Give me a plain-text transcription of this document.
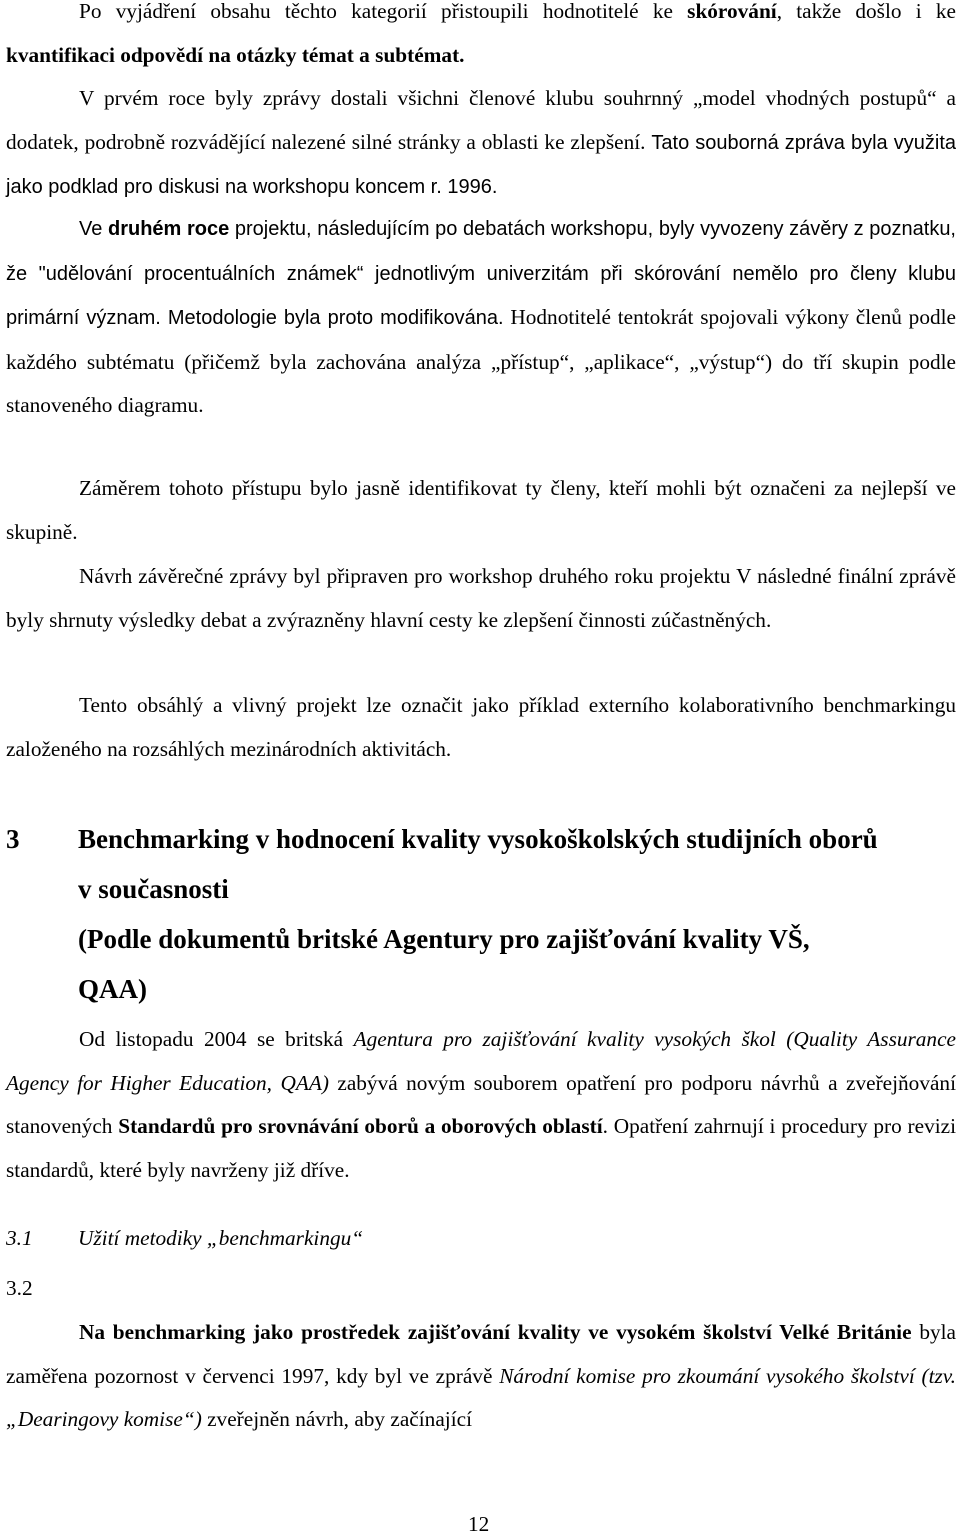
Po vyjádření obsahu těchto kategorií přistoupili hodnotitelé ke skórování, takže došlo i ke kvantifikaci odpovědí na otázky témat a subtémat.

V prvém roce byly zprávy dostali všichni členové klubu souhrnný „model vhodných postupů“ a dodatek, podrobně rozvádějící nalezené silné stránky a oblasti ke zlepšení. Tato souborná zpráva byla využita jako podklad pro diskusi na workshopu koncem r. 1996.

Ve druhém roce projektu, následujícím po debatách workshopu, byly vyvozeny závěry z poznatku, že "udělování procentuálních známek“ jednotlivým univerzitám při skórování nemělo pro členy klubu primární význam. Metodologie byla proto modifikována. Hodnotitelé tentokrát spojovali výkony členů podle každého subtématu (přičemž byla zachována analýza „přístup“, „aplikace“, „výstup“) do tří skupin podle stanoveného diagramu.

Záměrem tohoto přístupu bylo jasně identifikovat ty členy, kteří mohli být označeni za nejlepší ve skupině.

Návrh závěrečné zprávy byl připraven pro workshop druhého roku projektu V následné finální zprávě byly shrnuty výsledky debat a zvýrazněny hlavní cesty ke zlepšení činnosti zúčastněných.

Tento obsáhlý a vlivný projekt lze označit jako příklad externího kolaborativního benchmarkingu založeného na rozsáhlých mezinárodních aktivitách.

3	Benchmarking v hodnocení kvality vysokoškolských studijních oborů
v současnosti
(Podle dokumentů britské Agentury pro zajišťování kvality VŠ,
QAA)

Od listopadu 2004 se britská Agentura pro zajišťování kvality vysokých škol (Quality Assurance Agency for Higher Education, QAA) zabývá novým souborem opatření pro podporu návrhů a zveřejňování stanovených Standardů pro srovnávání oborů a oborových oblastí. Opatření zahrnují i procedury pro revizi standardů, které byly navrženy již dříve.

3.1 Užití metodiky „benchmarkingu“
3.2

Na benchmarking jako prostředek zajišťování kvality ve vysokém školství Velké Británie byla zaměřena pozornost v červenci 1997, kdy byl ve zprávě Národní komise pro zkoumání vysokého školství (tzv. „Dearingovy komise“) zveřejněn návrh, aby začínající

12
